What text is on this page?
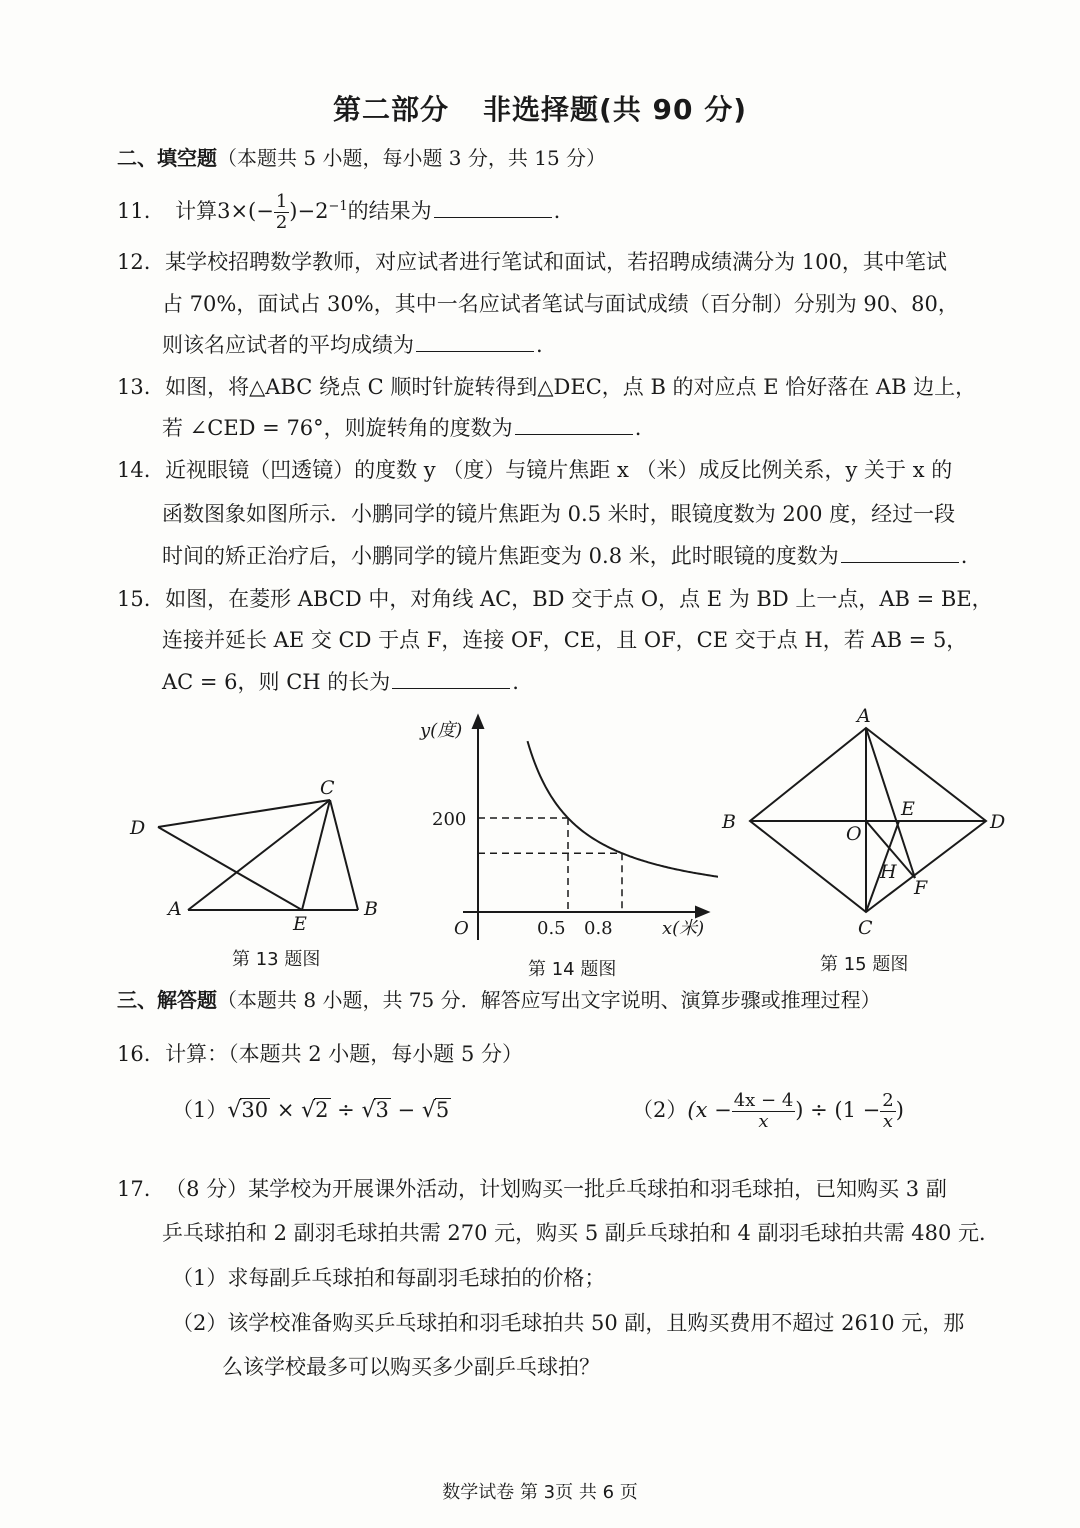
第二部分 非选择题(共 90 分)
二、填空题（本题共 5 小题，每小题 3 分，共 15 分）
11. 计算$3\times(- \frac{1}{2} )-2^{-1}$的结果为	.
12. 某学校招聘数学教师，对应试者进行笔试和面试，若招聘成绩满分为 100，其中笔试
占 70%，面试占 30%，其中一名应试者笔试与面试成绩（百分制）分别为 90、80，
则该名应试者的平均成绩为	.
13. 如图，将△ABC 绕点 C 顺时针旋转得到△DEC，点 B 的对应点 E 恰好落在 AB 边上，
若 ∠CED = 76°，则旋转角的度数为	.
14. 近视眼镜（凹透镜）的度数 y （度）与镜片焦距 x （米）成反比例关系，y 关于 x 的
函数图象如图所示．小鹏同学的镜片焦距为 0.5 米时，眼镜度数为 200 度，经过一段
时间的矫正治疗后，小鹏同学的镜片焦距变为 0.8 米，此时眼镜的度数为	.
15. 如图，在菱形 ABCD 中，对角线 AC，BD 交于点 O，点 E 为 BD 上一点，AB = BE，
连接并延长 AE 交 CD 于点 F，连接 OF，CE，且 OF，CE 交于点 H，若 AB = 5，
AC = 6，则 CH 的长为	.
C
D
A
E
B
第 13 题图
y(度)
200
O	0.5 0.8	x(米)
第 14 题图
A
B
O
E
D
H
F
C
第 15 题图
三、解答题（本题共 8 小题，共 75 分．解答应写出文字说明、演算步骤或推理过程）
16. 计算：（本题共 2 小题，每小题 5 分）
（1）√30 × √2 ÷ √3 − √5	$(2)(x - \frac{4x - 4}{x}$ ) ÷ ($1 - \frac{2}{x}$ )
17. （8 分）某学校为开展课外活动，计划购买一批乒乓球拍和羽毛球拍，已知购买 3 副
乒乓球拍和 2 副羽毛球拍共需 270 元，购买 5 副乒乓球拍和 4 副羽毛球拍共需 480 元．
（1）求每副乒乓球拍和每副羽毛球拍的价格；
（2）该学校准备购买乒乓球拍和羽毛球拍共 50 副，且购买费用不超过 2610 元，那
么该学校最多可以购买多少副乒乓球拍？
数学试卷 第 3页 共 6 页
